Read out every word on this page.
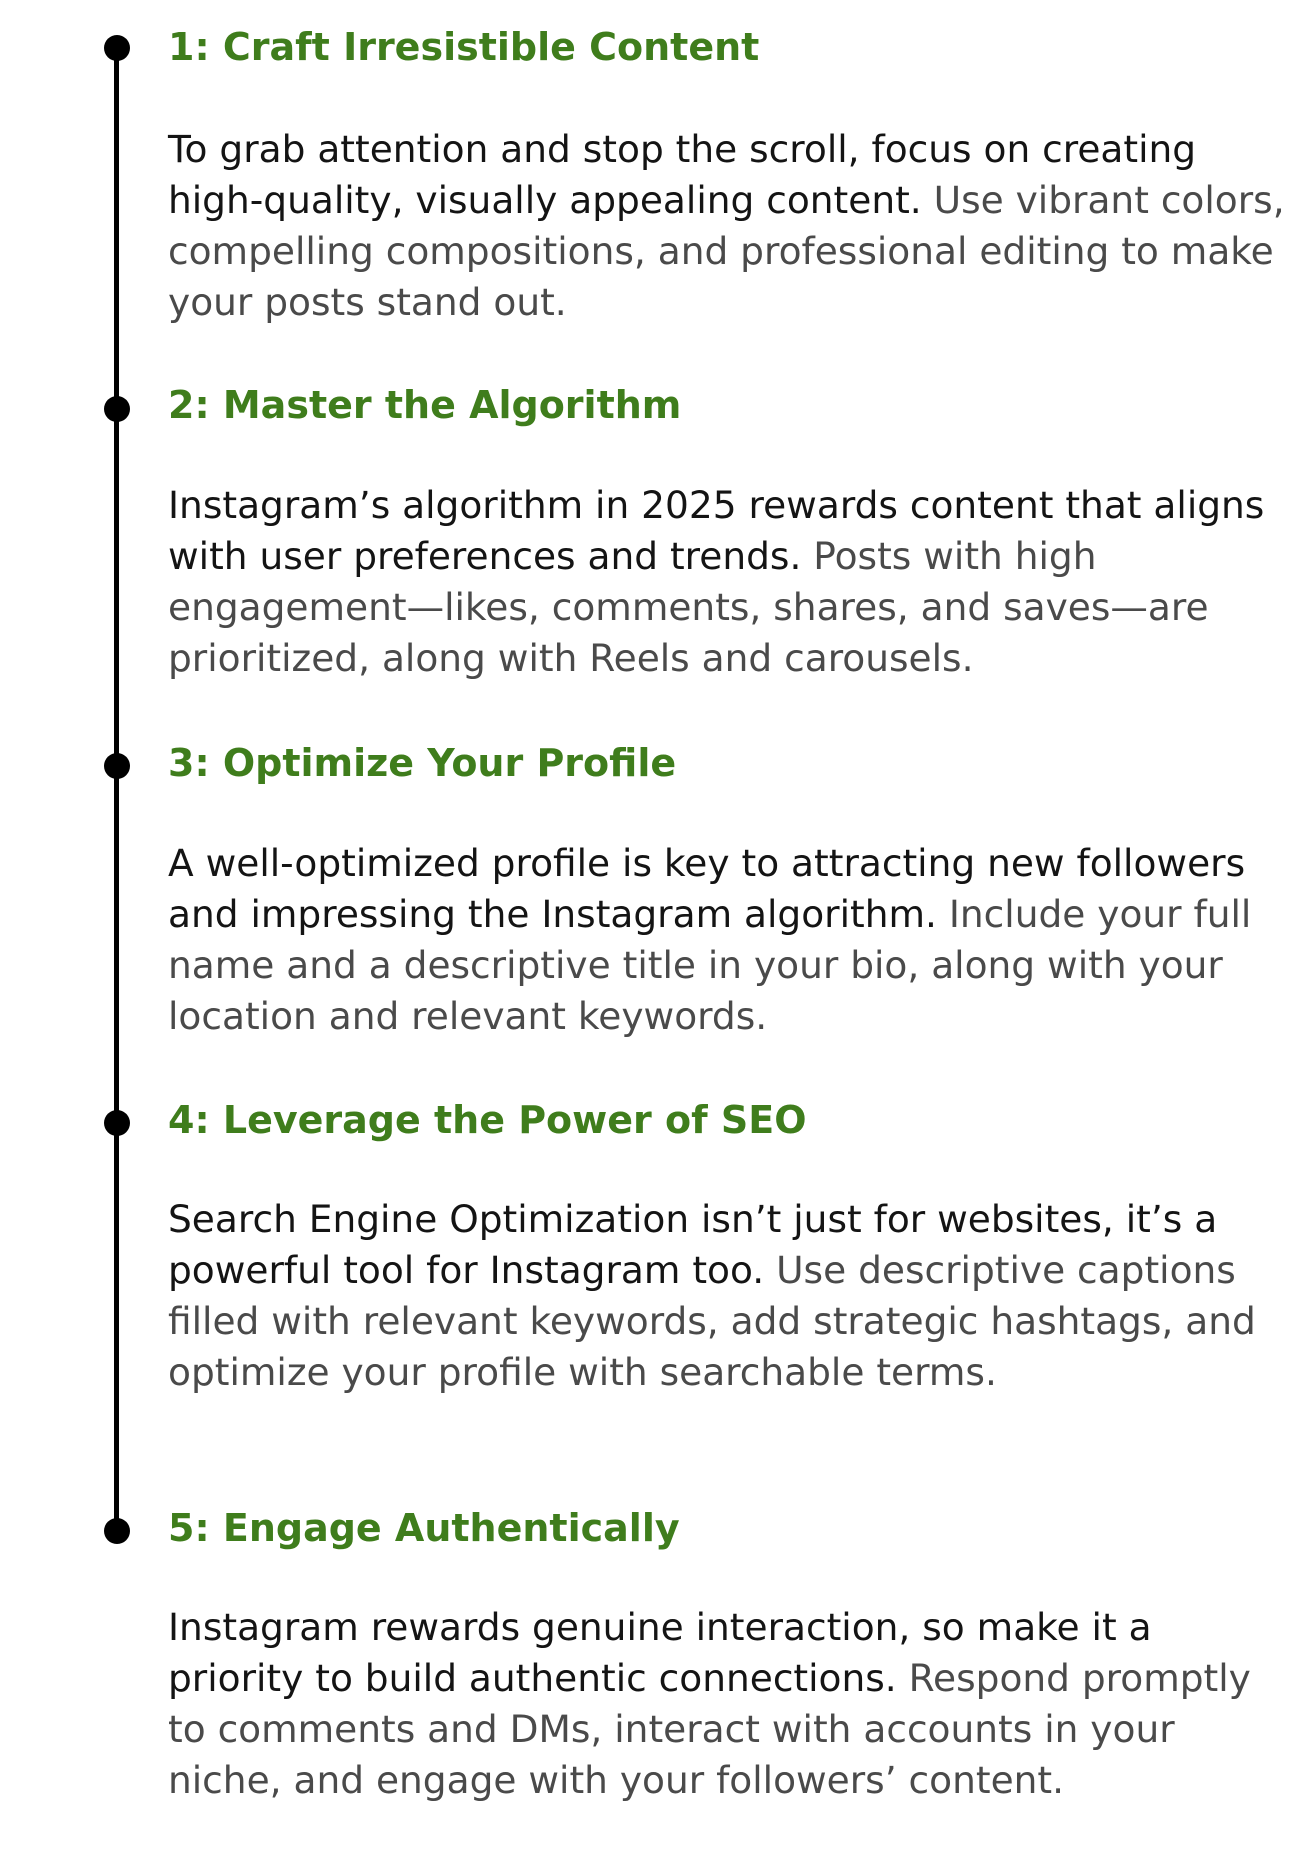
1: Craft Irresistible Content

To grab attention and stop the scroll, focus on creating high-quality, visually appealing content. Use vibrant colors, compelling compositions, and professional editing to make your posts stand out.

2: Master the Algorithm

Instagram’s algorithm in 2025 rewards content that aligns with user preferences and trends. Posts with high engagement—likes, comments, shares, and saves—are prioritized, along with Reels and carousels.

3: Optimize Your Profile

A well-optimized profile is key to attracting new followers and impressing the Instagram algorithm. Include your full name and a descriptive title in your bio, along with your location and relevant keywords.

4: Leverage the Power of SEO

Search Engine Optimization isn’t just for websites, it’s a powerful tool for Instagram too. Use descriptive captions filled with relevant keywords, add strategic hashtags, and optimize your profile with searchable terms.

5: Engage Authentically

Instagram rewards genuine interaction, so make it a priority to build authentic connections. Respond promptly to comments and DMs, interact with accounts in your niche, and engage with your followers’ content.
